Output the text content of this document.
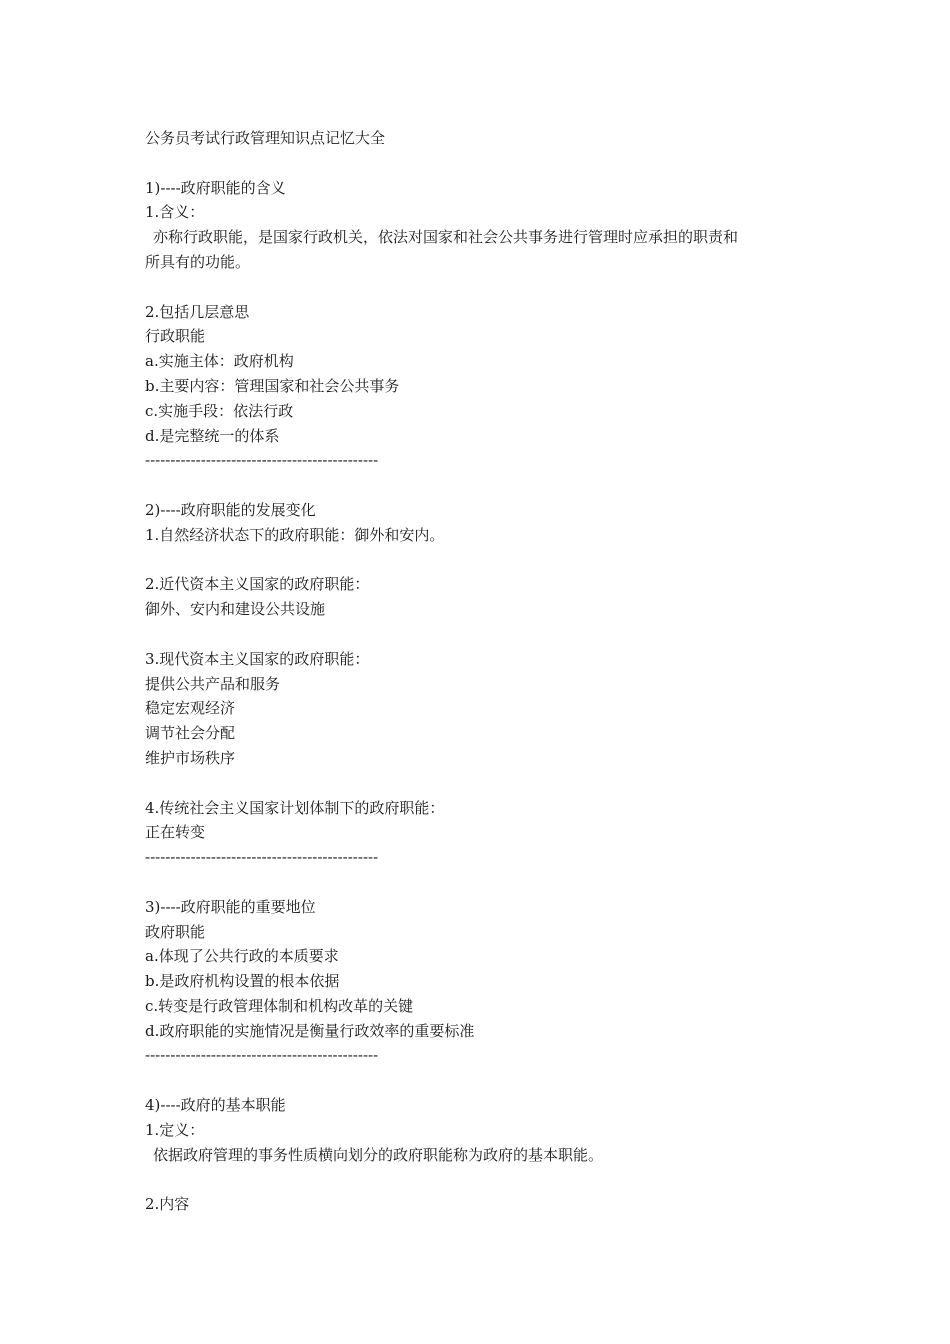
公务员考试行政管理知识点记忆大全
1)----政府职能的含义
1.含义：
亦称行政职能，是国家行政机关，依法对国家和社会公共事务进行管理时应承担的职责和
所具有的功能。
2.包括几层意思
行政职能
a.实施主体：政府机构
b.主要内容：管理国家和社会公共事务
c.实施手段：依法行政
d.是完整统一的体系
----------------------------------------------
2)----政府职能的发展变化
1.自然经济状态下的政府职能：御外和安内。
2.近代资本主义国家的政府职能：
御外、安内和建设公共设施
3.现代资本主义国家的政府职能：
提供公共产品和服务
稳定宏观经济
调节社会分配
维护市场秩序
4.传统社会主义国家计划体制下的政府职能：
正在转变
----------------------------------------------
3)----政府职能的重要地位
政府职能
a.体现了公共行政的本质要求
b.是政府机构设置的根本依据
c.转变是行政管理体制和机构改革的关键
d.政府职能的实施情况是衡量行政效率的重要标准
----------------------------------------------
4)----政府的基本职能
1.定义：
依据政府管理的事务性质横向划分的政府职能称为政府的基本职能。
2.内容
